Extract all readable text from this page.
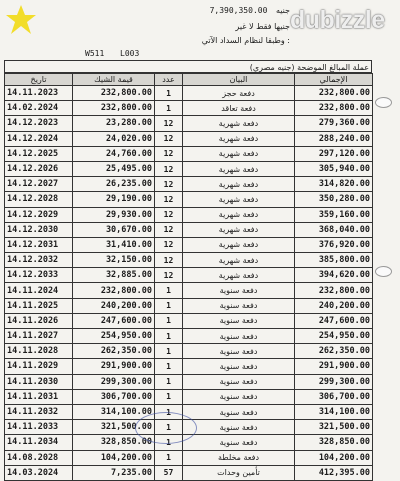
7,390,350.00 جنيه
جنيها فقط لا غير
وطبقا لنظام السداد الآتي :
dubizzle
W511 L003
عملة المبالغ الموضحة (جنيه مصري)
تاريخ	قيمة الشيك	عدد	البيان	الإجمالي
14.11.2023	232,800.00	1	دفعة حجز	232,800.00
14.02.2024	232,800.00	1	دفعة تعاقد	232,800.00
14.12.2023	23,280.00	12	دفعة شهرية	279,360.00
14.12.2024	24,020.00	12	دفعة شهرية	288,240.00
14.12.2025	24,760.00	12	دفعة شهرية	297,120.00
14.12.2026	25,495.00	12	دفعة شهرية	305,940.00
14.12.2027	26,235.00	12	دفعة شهرية	314,820.00
14.12.2028	29,190.00	12	دفعة شهرية	350,280.00
14.12.2029	29,930.00	12	دفعة شهرية	359,160.00
14.12.2030	30,670.00	12	دفعة شهرية	368,040.00
14.12.2031	31,410.00	12	دفعة شهرية	376,920.00
14.12.2032	32,150.00	12	دفعة شهرية	385,800.00
14.12.2033	32,885.00	12	دفعة شهرية	394,620.00
14.11.2024	232,800.00	1	دفعة سنوية	232,800.00
14.11.2025	240,200.00	1	دفعة سنوية	240,200.00
14.11.2026	247,600.00	1	دفعة سنوية	247,600.00
14.11.2027	254,950.00	1	دفعة سنوية	254,950.00
14.11.2028	262,350.00	1	دفعة سنوية	262,350.00
14.11.2029	291,900.00	1	دفعة سنوية	291,900.00
14.11.2030	299,300.00	1	دفعة سنوية	299,300.00
14.11.2031	306,700.00	1	دفعة سنوية	306,700.00
14.11.2032	314,100.00	1	دفعة سنوية	314,100.00
14.11.2033	321,500.00	1	دفعة سنوية	321,500.00
14.11.2034	328,850.00	1	دفعة سنوية	328,850.00
14.08.2028	104,200.00	1	دفعة مخلطة	104,200.00
14.03.2024	7,235.00	57	تأمين وحدات	412,395.00
